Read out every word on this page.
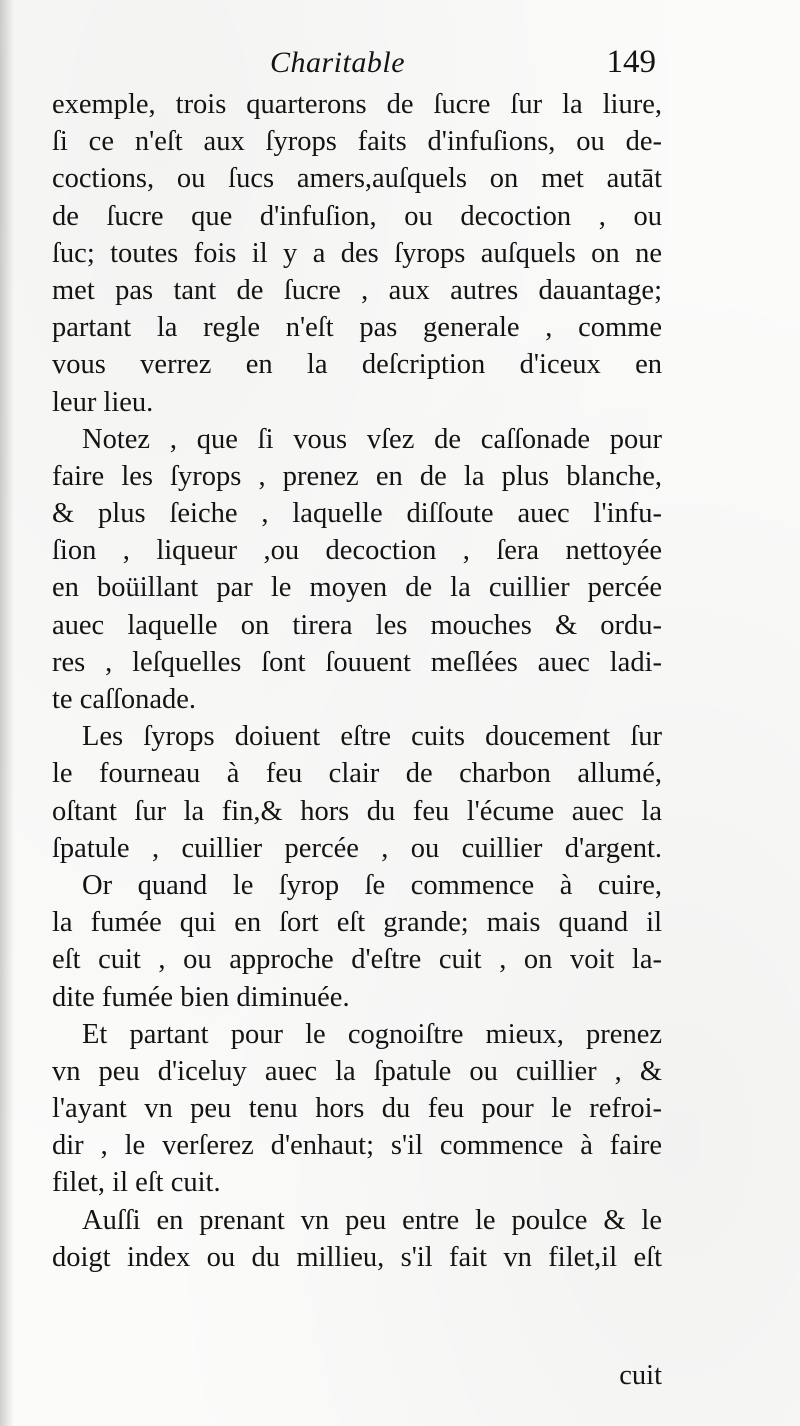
Charitable	149
exemple, trois quarterons de ſucre ſur la liure,
ſi ce n'eſt aux ſyrops faits d'infuſions, ou de-
coctions, ou ſucs amers,auſquels on met autāt
de ſucre que d'infuſion, ou decoction , ou
ſuc; toutes fois il y a des ſyrops auſquels on ne
met pas tant de ſucre , aux autres dauantage;
partant la regle n'eſt pas generale , comme
vous verrez en la deſcription d'iceux en
leur lieu.
Notez , que ſi vous vſez de caſſonade pour
faire les ſyrops , prenez en de la plus blanche,
& plus ſeiche , laquelle diſſoute auec l'infu-
ſion , liqueur ,ou decoction , ſera nettoyée
en boüillant par le moyen de la cuillier percée
auec laquelle on tirera les mouches & ordu-
res , leſquelles ſont ſouuent meſlées auec ladi-
te caſſonade.
Les ſyrops doiuent eſtre cuits doucement ſur
le fourneau à feu clair de charbon allumé,
oſtant ſur la fin,& hors du feu l'écume auec la
ſpatule , cuillier percée , ou cuillier d'argent.
Or quand le ſyrop ſe commence à cuire,
la fumée qui en ſort eſt grande; mais quand il
eſt cuit , ou approche d'eſtre cuit , on voit la-
dite fumée bien diminuée.
Et partant pour le cognoiſtre mieux, prenez
vn peu d'iceluy auec la ſpatule ou cuillier , &
l'ayant vn peu tenu hors du feu pour le refroi-
dir , le verſerez d'enhaut; s'il commence à faire
filet, il eſt cuit.
Auſſi en prenant vn peu entre le poulce & le
doigt index ou du millieu, s'il fait vn filet,il eſt
cuit
